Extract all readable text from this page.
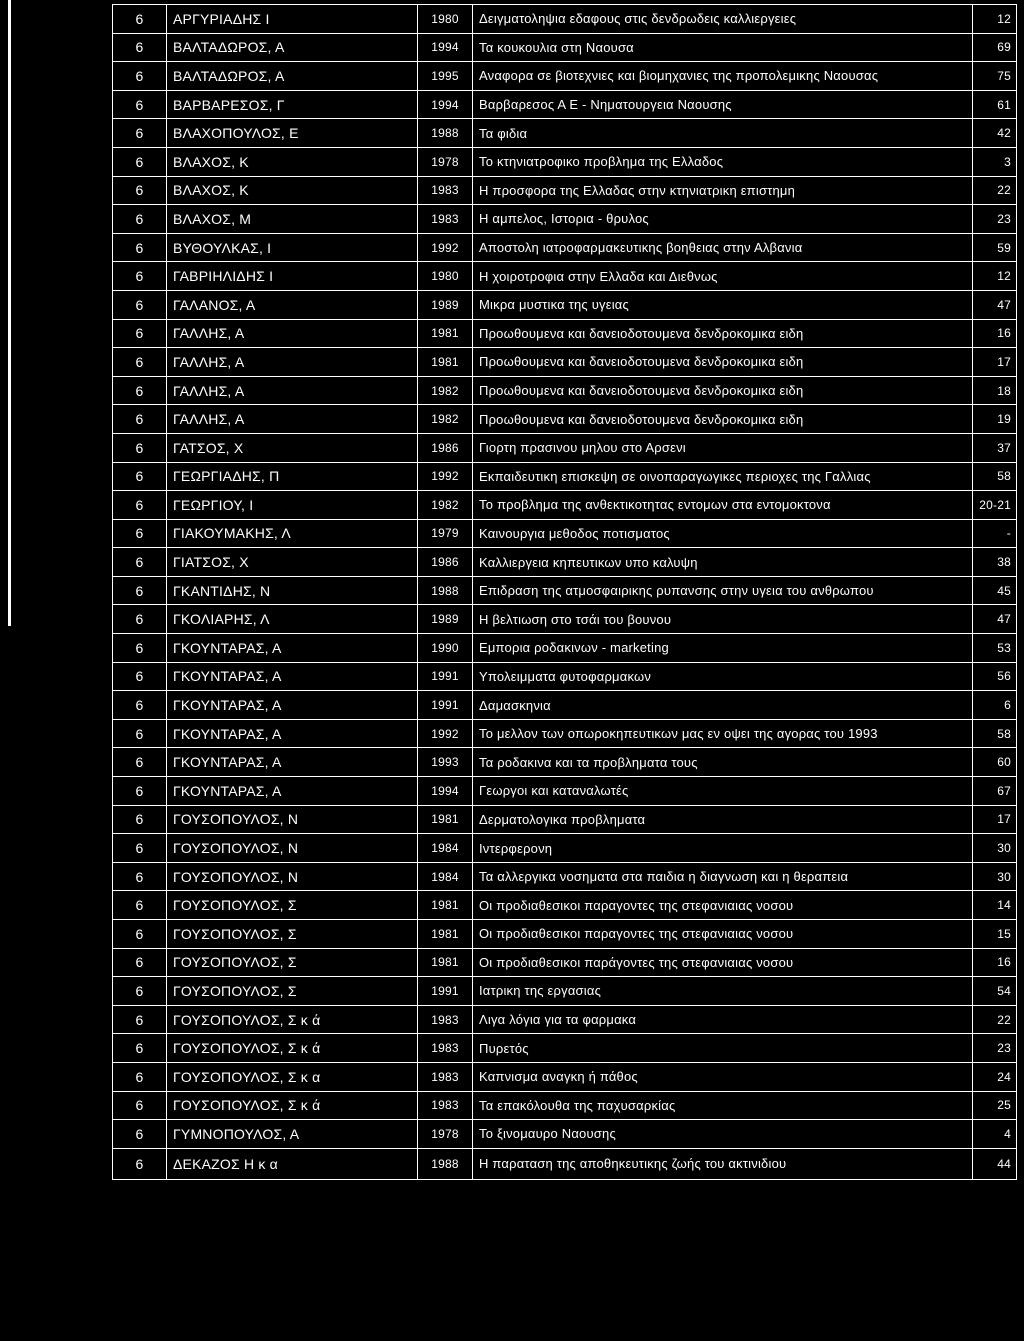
6	ΑΡΓΥΡΙΑΔΗΣ Ι	1980	Δειγματοληψια εδαφους στις δενδρωδεις καλλιεργειες	12
6	ΒΑΛΤΑΔΩΡΟΣ, Α	1994	Τα κουκουλια στη Ναουσα	69
6	ΒΑΛΤΑΔΩΡΟΣ, Α	1995	Αναφορα σε βιοτεχνιες και βιομηχανιες της προπολεμικης Ναουσας	75
6	ΒΑΡΒΑΡΕΣΟΣ, Γ	1994	Βαρβαρεσος Α Ε - Νηματουργεια Ναουσης	61
6	ΒΛΑΧΟΠΟΥΛΟΣ, Ε	1988	Τα φιδια	42
6	ΒΛΑΧΟΣ, Κ	1978	Το κτηνιατροφικο προβλημα της Ελλαδος	3
6	ΒΛΑΧΟΣ, Κ	1983	Η προσφορα της Ελλαδας στην κτηνιατρικη επιστημη	22
6	ΒΛΑΧΟΣ, Μ	1983	Η αμπελος, Ιστορια - θρυλος	23
6	ΒΥΘΟΥΛΚΑΣ, Ι	1992	Αποστολη ιατροφαρμακευτικης βοηθειας στην Αλβανια	59
6	ΓΑΒΡΙΗΛΙΔΗΣ Ι	1980	Η χοιροτροφια στην Ελλαδα και Διεθνως	12
6	ΓΑΛΑΝΟΣ, Α	1989	Μικρα μυστικα της υγειας	47
6	ΓΑΛΛΗΣ, Α	1981	Προωθουμενα και δανειοδοτουμενα δενδροκομικα ειδη	16
6	ΓΑΛΛΗΣ, Α	1981	Προωθουμενα και δανειοδοτουμενα δενδροκομικα ειδη	17
6	ΓΑΛΛΗΣ, Α	1982	Προωθουμενα και δανειοδοτουμενα δενδροκομικα ειδη	18
6	ΓΑΛΛΗΣ, Α	1982	Προωθουμενα και δανειοδοτουμενα δενδροκομικα ειδη	19
6	ΓΑΤΣΟΣ, Χ	1986	Γιορτη πρασινου μηλου στο Αρσενι	37
6	ΓΕΩΡΓΙΑΔΗΣ, Π	1992	Εκπαιδευτικη επισκεψη σε οινοπαραγωγικες περιοχες της Γαλλιας	58
6	ΓΕΩΡΓΙΟΥ, Ι	1982	Το προβλημα της ανθεκτικοτητας εντομων στα εντομοκτονα	20-21
6	ΓΙΑΚΟΥΜΑΚΗΣ, Λ	1979	Καινουργια μεθοδος ποτισματος	-
6	ΓΙΑΤΣΟΣ, Χ	1986	Καλλιεργεια κηπευτικων υπο καλυψη	38
6	ΓΚΑΝΤΙΔΗΣ, Ν	1988	Επιδραση της ατμοσφαιρικης ρυπανσης στην υγεια του ανθρωπου	45
6	ΓΚΟΛΙΑΡΗΣ, Λ	1989	Η βελτιωση στο τσάι του βουνου	47
6	ΓΚΟΥΝΤΑΡΑΣ, Α	1990	Εμπορια ροδακινων - marketing	53
6	ΓΚΟΥΝΤΑΡΑΣ, Α	1991	Υπολειμματα φυτοφαρμακων	56
6	ΓΚΟΥΝΤΑΡΑΣ, Α	1991	Δαμασκηνια	6
6	ΓΚΟΥΝΤΑΡΑΣ, Α	1992	Το μελλον των οπωροκηπευτικων μας εν οψει της αγορας του 1993	58
6	ΓΚΟΥΝΤΑΡΑΣ, Α	1993	Τα ροδακινα και τα προβληματα τους	60
6	ΓΚΟΥΝΤΑΡΑΣ, Α	1994	Γεωργοι και καταναλωτές	67
6	ΓΟΥΣΟΠΟΥΛΟΣ, Ν	1981	Δερματολογικα προβληματα	17
6	ΓΟΥΣΟΠΟΥΛΟΣ, Ν	1984	Ιντερφερονη	30
6	ΓΟΥΣΟΠΟΥΛΟΣ, Ν	1984	Τα αλλεργικα νοσηματα στα παιδια η διαγνωση και η θεραπεια	30
6	ΓΟΥΣΟΠΟΥΛΟΣ, Σ	1981	Οι προδιαθεσικοι παραγοντες της στεφανιαιας νοσου	14
6	ΓΟΥΣΟΠΟΥΛΟΣ, Σ	1981	Οι προδιαθεσικοι παραγοντες της στεφανιαιας νοσου	15
6	ΓΟΥΣΟΠΟΥΛΟΣ, Σ	1981	Οι προδιαθεσικοι παράγοντες της στεφανιαιας νοσου	16
6	ΓΟΥΣΟΠΟΥΛΟΣ, Σ	1991	Ιατρικη της εργασιας	54
6	ΓΟΥΣΟΠΟΥΛΟΣ, Σ κ ά	1983	Λιγα λόγια για τα φαρμακα	22
6	ΓΟΥΣΟΠΟΥΛΟΣ, Σ κ ά	1983	Πυρετός	23
6	ΓΟΥΣΟΠΟΥΛΟΣ, Σ κ α	1983	Καπνισμα αναγκη ή πάθος	24
6	ΓΟΥΣΟΠΟΥΛΟΣ, Σ κ ά	1983	Τα επακόλουθα της παχυσαρκίας	25
6	ΓΥΜΝΟΠΟΥΛΟΣ, Α	1978	Το ξινομαυρο Ναουσης	4
6	ΔΕΚΑΖΟΣ Η κ α	1988	Η παραταση της αποθηκευτικης ζωής του ακτινιδιου	44
